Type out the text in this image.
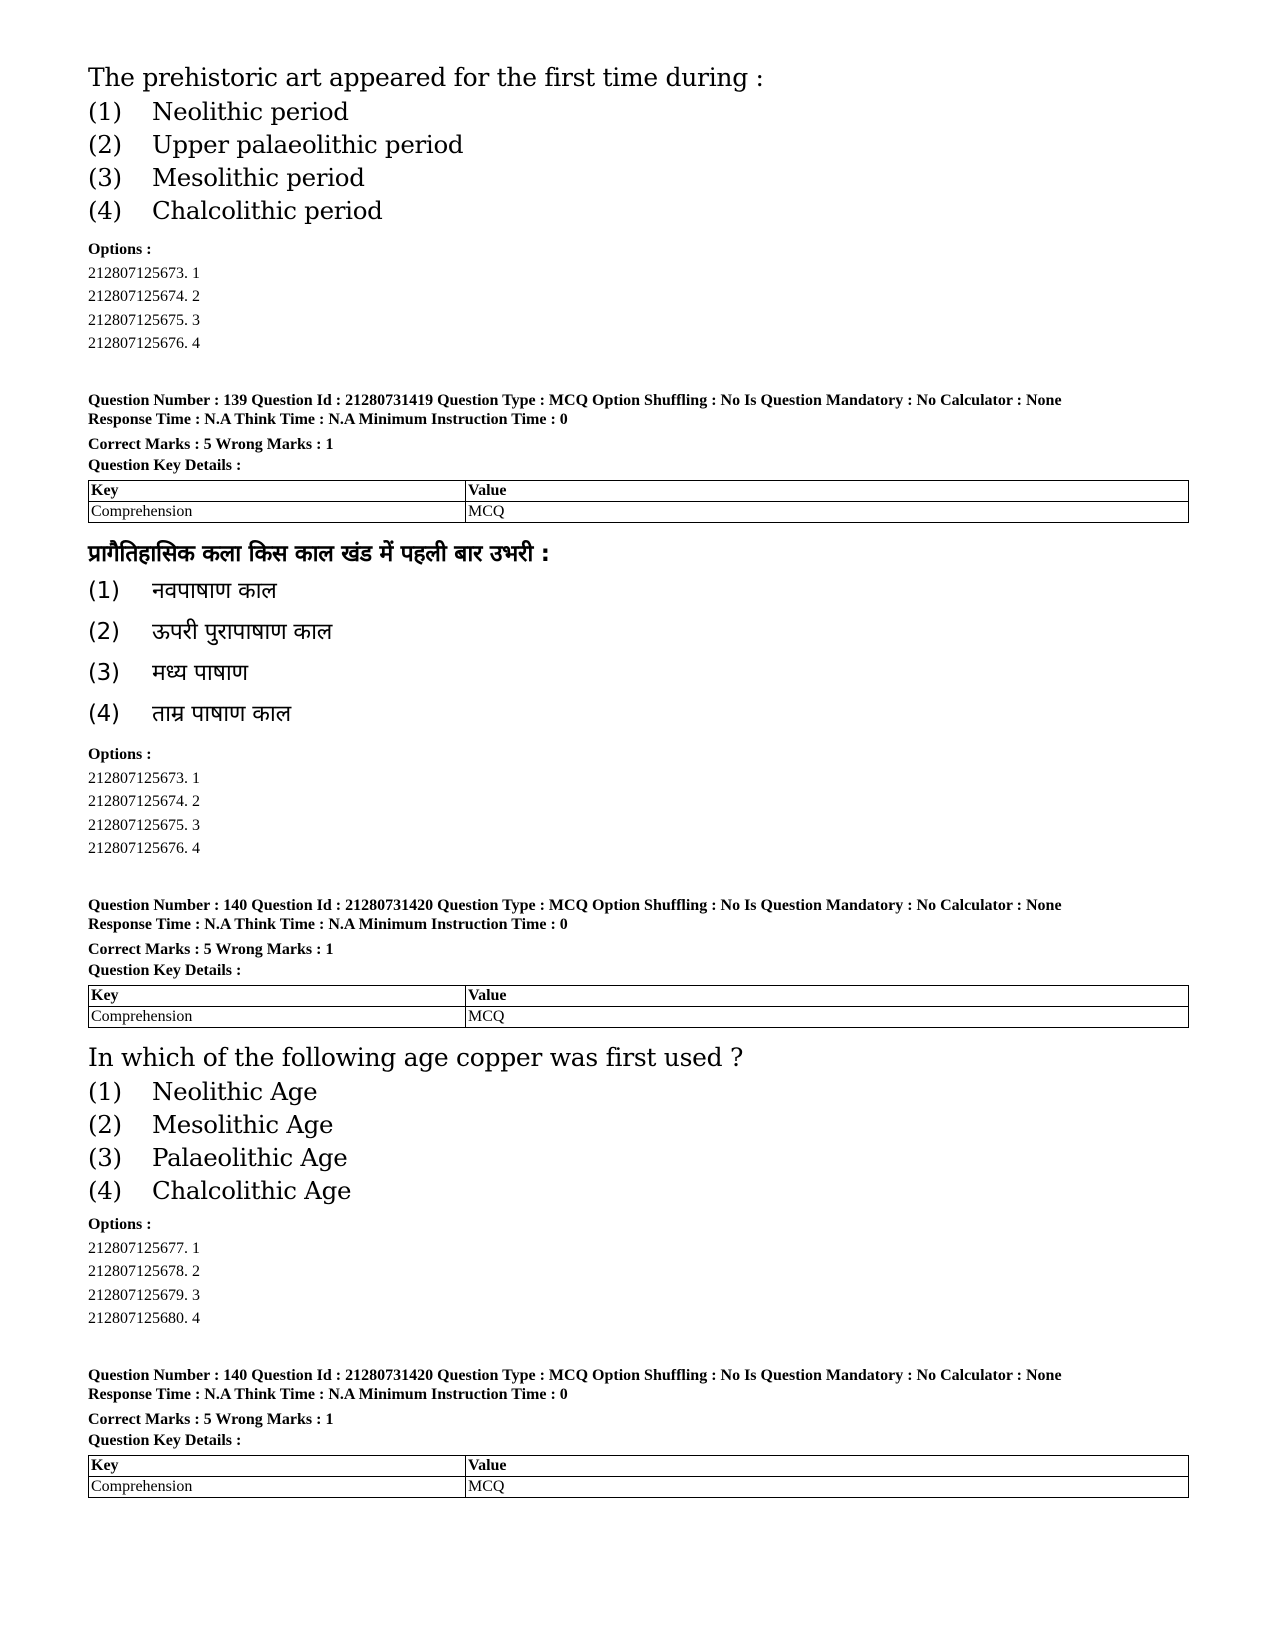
The prehistoric art appeared for the first time during :

(1)	Neolithic period
(2)	Upper palaeolithic period
(3)	Mesolithic period
(4)	Chalcolithic period
Options :
212807125673. 1
212807125674. 2
212807125675. 3
212807125676. 4
Question Number : 139 Question Id : 21280731419 Question Type : MCQ Option Shuffling : No Is Question Mandatory : No Calculator : None
Response Time : N.A Think Time : N.A Minimum Instruction Time : 0
Correct Marks : 5 Wrong Marks : 1
Question Key Details :
Key	Value
Comprehension	MCQ

प्रागैतिहासिक कला किस काल खंड में पहली बार उभरी :

(1)	नवपाषाण काल
(2)	ऊपरी पुरापाषाण काल
(3)	मध्य पाषाण
(4)	ताम्र पाषाण काल
Options :
212807125673. 1
212807125674. 2
212807125675. 3
212807125676. 4
Question Number : 140 Question Id : 21280731420 Question Type : MCQ Option Shuffling : No Is Question Mandatory : No Calculator : None
Response Time : N.A Think Time : N.A Minimum Instruction Time : 0
Correct Marks : 5 Wrong Marks : 1
Question Key Details :
Key	Value
Comprehension	MCQ

In which of the following age copper was first used ?

(1)	Neolithic Age
(2)	Mesolithic Age
(3)	Palaeolithic Age
(4)	Chalcolithic Age
Options :
212807125677. 1
212807125678. 2
212807125679. 3
212807125680. 4
Question Number : 140 Question Id : 21280731420 Question Type : MCQ Option Shuffling : No Is Question Mandatory : No Calculator : None
Response Time : N.A Think Time : N.A Minimum Instruction Time : 0
Correct Marks : 5 Wrong Marks : 1
Question Key Details :
Key	Value
Comprehension	MCQ
